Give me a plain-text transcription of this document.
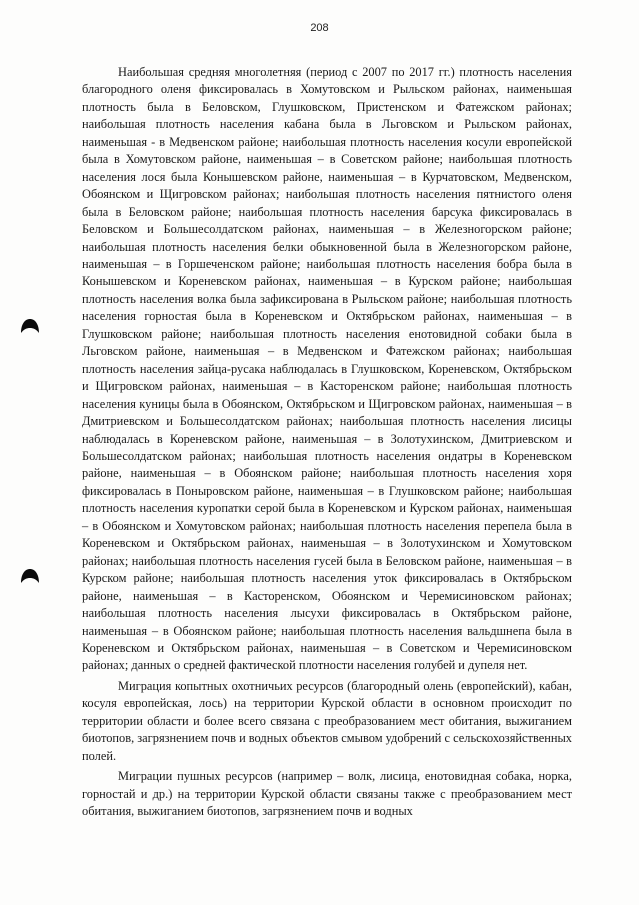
208

Наибольшая средняя многолетняя (период с 2007 по 2017 гг.) плотность населения благородного оленя фиксировалась в Хомутовском и Рыльском районах, наименьшая плотность была в Беловском, Глушковском, Пристенском и Фатежском районах; наибольшая плотность населения кабана была в Льговском и Рыльском районах, наименьшая - в Медвенском районе; наибольшая плотность населения косули европейской была в Хомутовском районе, наименьшая – в Советском районе; наибольшая плотность населения лося была Конышевском районе, наименьшая – в Курчатовском, Медвенском, Обоянском и Щигровском районах; наибольшая плотность населения пятнистого оленя была в Беловском районе; наибольшая плотность населения барсука фиксировалась в Беловском и Большесолдатском районах, наименьшая – в Железногорском районе; наибольшая плотность населения белки обыкновенной была в Железногорском районе, наименьшая – в Горшеченском районе; наибольшая плотность населения бобра была в Конышевском и Кореневском районах, наименьшая – в Курском районе; наибольшая плотность населения волка была зафиксирована в Рыльском районе; наибольшая плотность населения горностая была в Кореневском и Октябрьском районах, наименьшая – в Глушковском районе; наибольшая плотность населения енотовидной собаки была в Льговском районе, наименьшая – в Медвенском и Фатежском районах; наибольшая плотность населения зайца-русака наблюдалась в Глушковском, Кореневском, Октябрьском и Щигровском районах, наименьшая – в Касторенском районе; наибольшая плотность населения куницы была в Обоянском, Октябрьском и Щигровском районах, наименьшая – в Дмитриевском и Большесолдатском районах; наибольшая плотность населения лисицы наблюдалась в Кореневском районе, наименьшая – в Золотухинском, Дмитриевском и Большесолдатском районах; наибольшая плотность населения ондатры в Кореневском районе, наименьшая – в Обоянском районе; наибольшая плотность населения хоря фиксировалась в Поныровском районе, наименьшая – в Глушковском районе; наибольшая плотность населения куропатки серой была в Кореневском и Курском районах, наименьшая – в Обоянском и Хомутовском районах; наибольшая плотность населения перепела была в Кореневском и Октябрьском районах, наименьшая – в Золотухинском и Хомутовском районах; наибольшая плотность населения гусей была в Беловском районе, наименьшая – в Курском районе; наибольшая плотность населения уток фиксировалась в Октябрьском районе, наименьшая – в Касторенском, Обоянском и Черемисиновском районах; наибольшая плотность населения лысухи фиксировалась в Октябрьском районе, наименьшая – в Обоянском районе; наибольшая плотность населения вальдшнепа была в Кореневском и Октябрьском районах, наименьшая – в Советском и Черемисиновском районах; данных о средней фактической плотности населения голубей и дупеля нет.

Миграция копытных охотничьих ресурсов (благородный олень (европейский), кабан, косуля европейская, лось) на территории Курской области в основном происходит по территории области и более всего связана с преобразованием мест обитания, выжиганием биотопов, загрязнением почв и водных объектов смывом удобрений с сельскохозяйственных полей.

Миграции пушных ресурсов (например – волк, лисица, енотовидная собака, норка, горностай и др.) на территории Курской области связаны также с преобразованием мест обитания, выжиганием биотопов, загрязнением почв и водных
